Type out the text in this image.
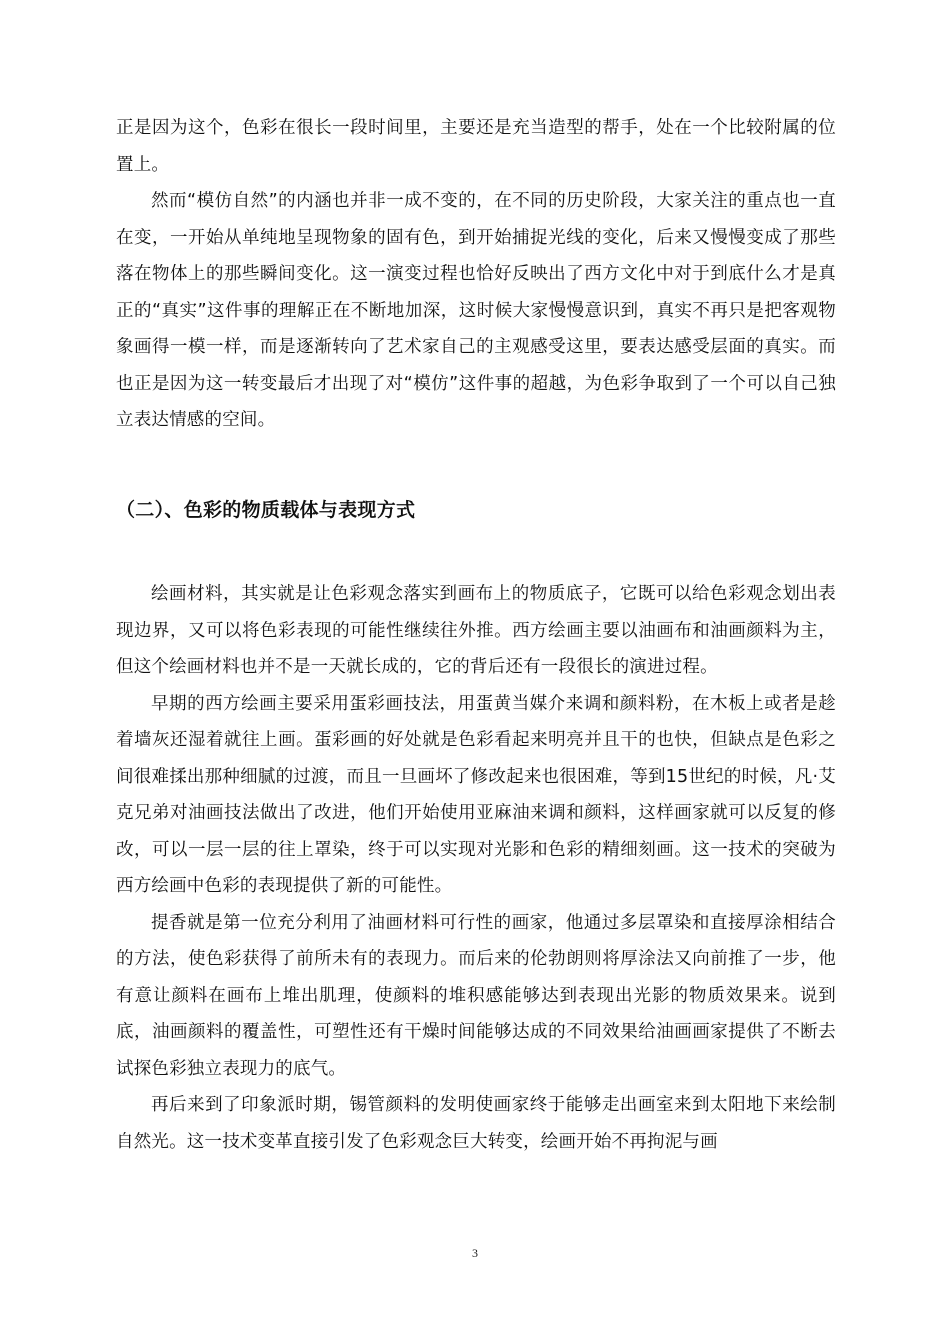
正是因为这个，色彩在很长一段时间里，主要还是充当造型的帮手，处在一个比较附属的位置上。

然而“模仿自然”的内涵也并非一成不变的，在不同的历史阶段，大家关注的重点也一直在变，一开始从单纯地呈现物象的固有色，到开始捕捉光线的变化，后来又慢慢变成了那些落在物体上的那些瞬间变化。这一演变过程也恰好反映出了西方文化中对于到底什么才是真正的“真实”这件事的理解正在不断地加深，这时候大家慢慢意识到，真实不再只是把客观物象画得一模一样，而是逐渐转向了艺术家自己的主观感受这里，要表达感受层面的真实。而也正是因为这一转变最后才出现了对“模仿”这件事的超越，为色彩争取到了一个可以自己独立表达情感的空间。

（二）、色彩的物质载体与表现方式

绘画材料，其实就是让色彩观念落实到画布上的物质底子，它既可以给色彩观念划出表现边界，又可以将色彩表现的可能性继续往外推。西方绘画主要以油画布和油画颜料为主，但这个绘画材料也并不是一天就长成的，它的背后还有一段很长的演进过程。

早期的西方绘画主要采用蛋彩画技法，用蛋黄当媒介来调和颜料粉，在木板上或者是趁着墙灰还湿着就往上画。蛋彩画的好处就是色彩看起来明亮并且干的也快，但缺点是色彩之间很难揉出那种细腻的过渡，而且一旦画坏了修改起来也很困难，等到15世纪的时候，凡·艾克兄弟对油画技法做出了改进，他们开始使用亚麻油来调和颜料，这样画家就可以反复的修改，可以一层一层的往上罩染，终于可以实现对光影和色彩的精细刻画。这一技术的突破为西方绘画中色彩的表现提供了新的可能性。

提香就是第一位充分利用了油画材料可行性的画家，他通过多层罩染和直接厚涂相结合的方法，使色彩获得了前所未有的表现力。而后来的伦勃朗则将厚涂法又向前推了一步，他有意让颜料在画布上堆出肌理，使颜料的堆积感能够达到表现出光影的物质效果来。说到底，油画颜料的覆盖性，可塑性还有干燥时间能够达成的不同效果给油画画家提供了不断去试探色彩独立表现力的底气。

再后来到了印象派时期，锡管颜料的发明使画家终于能够走出画室来到太阳地下来绘制自然光。这一技术变革直接引发了色彩观念巨大转变，绘画开始不再拘泥与画

3
